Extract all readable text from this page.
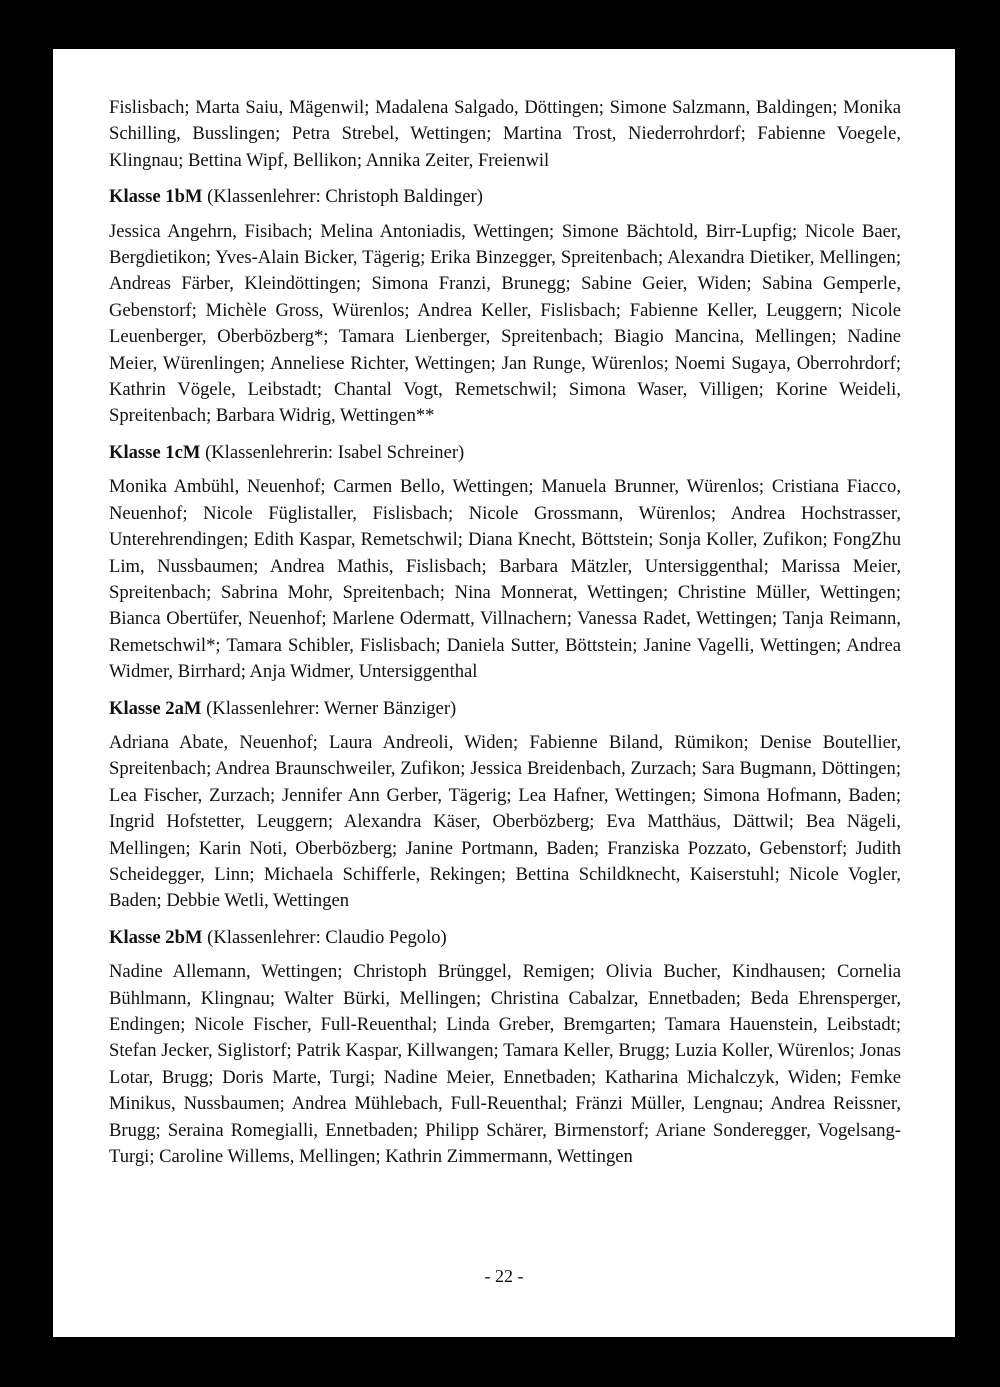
Fislisbach; Marta Saiu, Mägenwil; Madalena Salgado, Döttingen; Simone Salzmann, Baldingen; Monika Schilling, Busslingen; Petra Strebel, Wettingen; Martina Trost, Niederrohrdorf; Fabienne Voegele, Klingnau; Bettina Wipf, Bellikon; Annika Zeiter, Freienwil

Klasse 1bM (Klassenlehrer: Christoph Baldinger)

Jessica Angehrn, Fisibach; Melina Antoniadis, Wettingen; Simone Bächtold, Birr-Lupfig; Nicole Baer, Bergdietikon; Yves-Alain Bicker, Tägerig; Erika Binzegger, Spreitenbach; Alexandra Dietiker, Mellingen; Andreas Färber, Kleindöttingen; Simona Franzi, Brunegg; Sabine Geier, Widen; Sabina Gemperle, Gebenstorf; Michèle Gross, Würenlos; Andrea Keller, Fislisbach; Fabienne Keller, Leuggern; Nicole Leuenberger, Oberbözberg*; Tamara Lienberger, Spreitenbach; Biagio Mancina, Mellingen; Nadine Meier, Würenlingen; Anneliese Richter, Wettingen; Jan Runge, Würenlos; Noemi Sugaya, Oberrohrdorf; Kathrin Vögele, Leibstadt; Chantal Vogt, Remetschwil; Simona Waser, Villigen; Korine Weideli, Spreitenbach; Barbara Widrig, Wettingen**

Klasse 1cM (Klassenlehrerin: Isabel Schreiner)

Monika Ambühl, Neuenhof; Carmen Bello, Wettingen; Manuela Brunner, Würenlos; Cristiana Fiacco, Neuenhof; Nicole Füglistaller, Fislisbach; Nicole Grossmann, Würenlos; Andrea Hochstrasser, Unterehrendingen; Edith Kaspar, Remetschwil; Diana Knecht, Böttstein; Sonja Koller, Zufikon; FongZhu Lim, Nussbaumen; Andrea Mathis, Fislisbach; Barbara Mätzler, Untersiggenthal; Marissa Meier, Spreitenbach; Sabrina Mohr, Spreitenbach; Nina Monnerat, Wettingen; Christine Müller, Wettingen; Bianca Obertüfer, Neuenhof; Marlene Odermatt, Villnachern; Vanessa Radet, Wettingen; Tanja Reimann, Remetschwil*; Tamara Schibler, Fislisbach; Daniela Sutter, Böttstein; Janine Vagelli, Wettingen; Andrea Widmer, Birrhard; Anja Widmer, Untersiggenthal

Klasse 2aM (Klassenlehrer: Werner Bänziger)

Adriana Abate, Neuenhof; Laura Andreoli, Widen; Fabienne Biland, Rümikon; Denise Boutellier, Spreitenbach; Andrea Braunschweiler, Zufikon; Jessica Breidenbach, Zurzach; Sara Bugmann, Döttingen; Lea Fischer, Zurzach; Jennifer Ann Gerber, Tägerig; Lea Hafner, Wettingen; Simona Hofmann, Baden; Ingrid Hofstetter, Leuggern; Alexandra Käser, Oberbözberg; Eva Matthäus, Dättwil; Bea Nägeli, Mellingen; Karin Noti, Oberbözberg; Janine Portmann, Baden; Franziska Pozzato, Gebenstorf; Judith Scheidegger, Linn; Michaela Schifferle, Rekingen; Bettina Schildknecht, Kaiserstuhl; Nicole Vogler, Baden; Debbie Wetli, Wettingen

Klasse 2bM (Klassenlehrer: Claudio Pegolo)

Nadine Allemann, Wettingen; Christoph Brünggel, Remigen; Olivia Bucher, Kindhausen; Cornelia Bühlmann, Klingnau; Walter Bürki, Mellingen; Christina Cabalzar, Ennetbaden; Beda Ehrensperger, Endingen; Nicole Fischer, Full-Reuenthal; Linda Greber, Bremgarten; Tamara Hauenstein, Leibstadt; Stefan Jecker, Siglistorf; Patrik Kaspar, Killwangen; Tamara Keller, Brugg; Luzia Koller, Würenlos; Jonas Lotar, Brugg; Doris Marte, Turgi; Nadine Meier, Ennetbaden; Katharina Michalczyk, Widen; Femke Minikus, Nussbaumen; Andrea Mühlebach, Full-Reuenthal; Fränzi Müller, Lengnau; Andrea Reissner, Brugg; Seraina Romegialli, Ennetbaden; Philipp Schärer, Birmenstorf; Ariane Sonderegger, Vogelsang-Turgi; Caroline Willems, Mellingen; Kathrin Zimmermann, Wettingen

- 22 -
